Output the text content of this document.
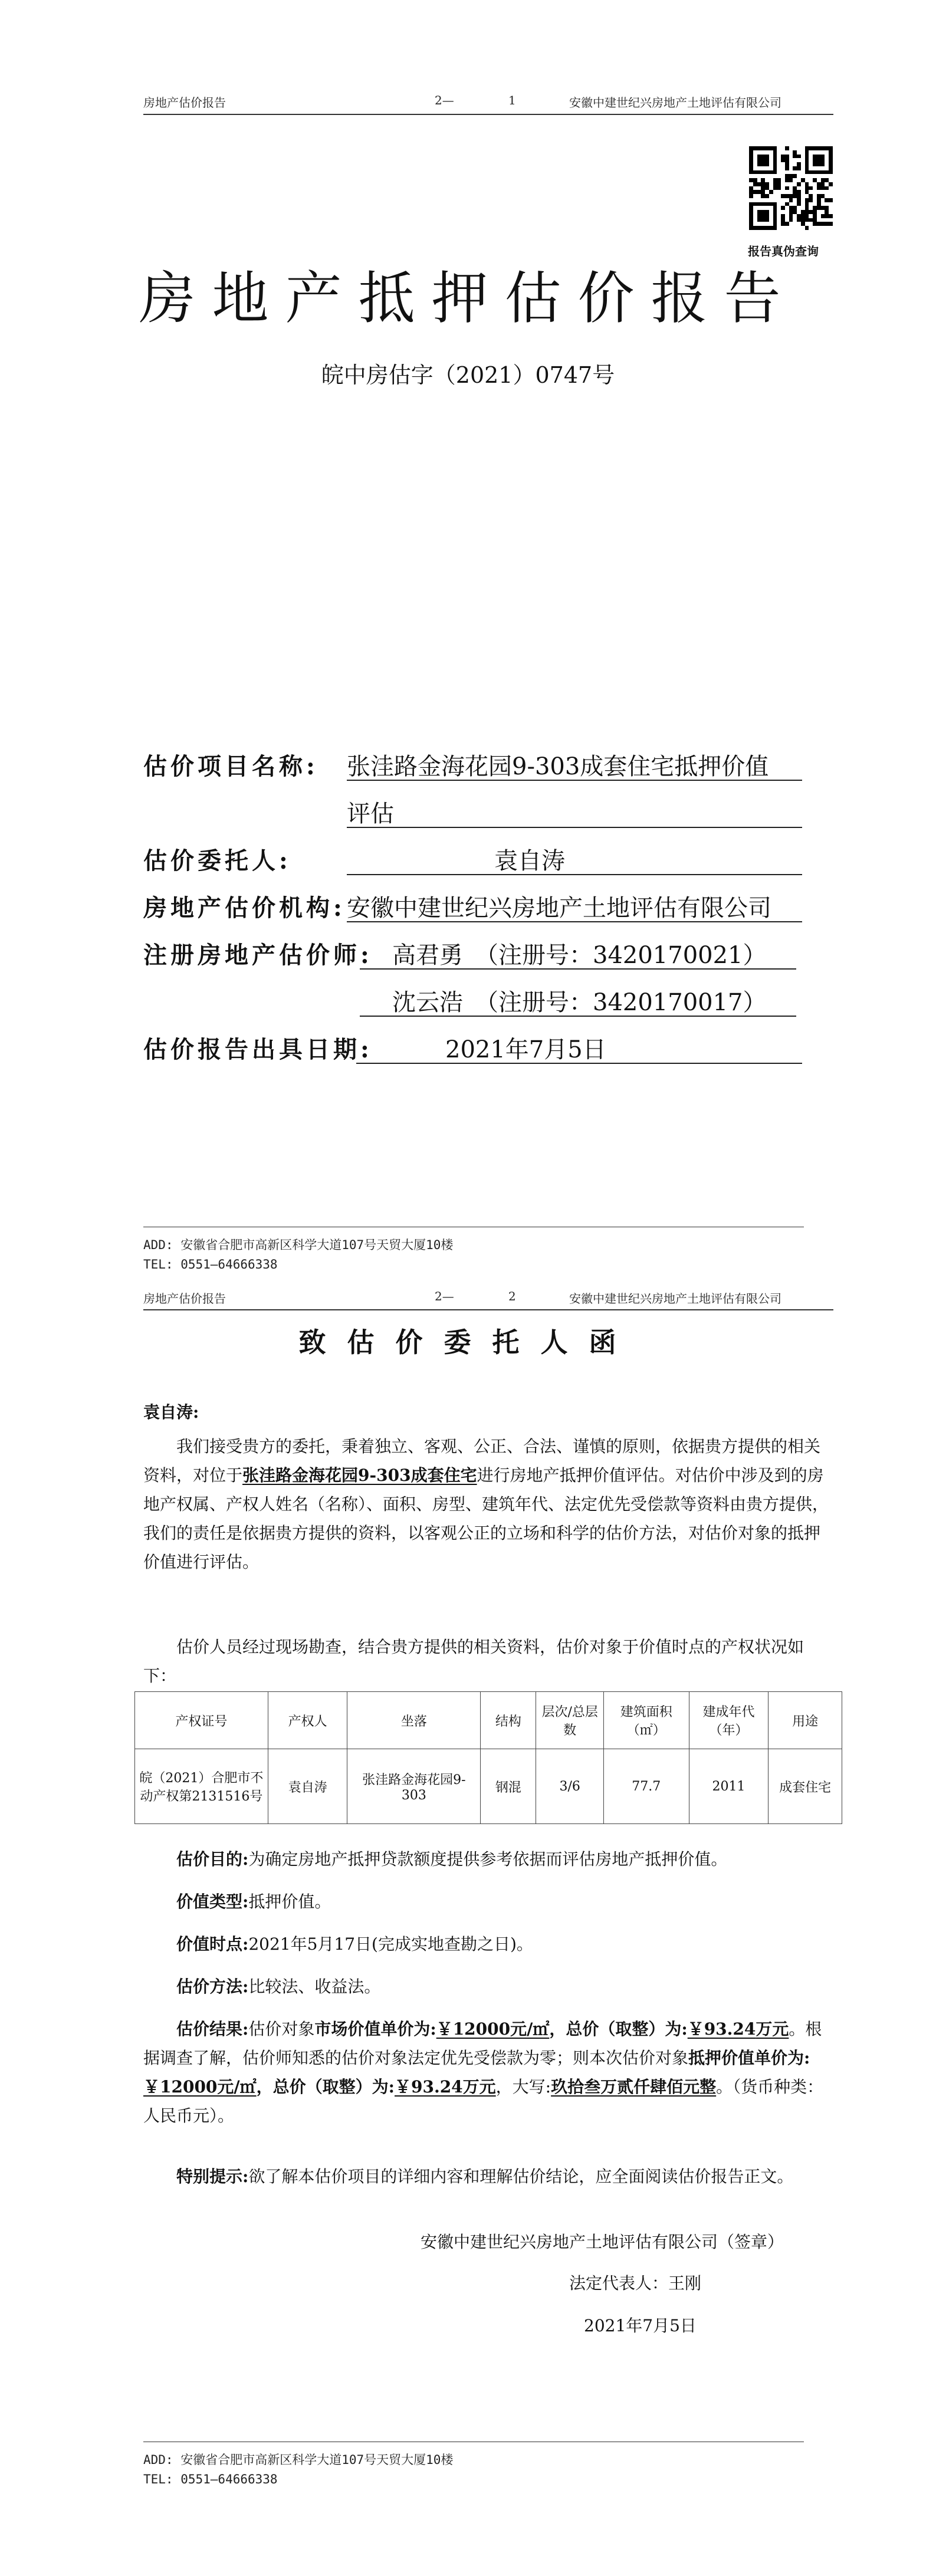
房地产估价报告	2—	1	安徽中建世纪兴房地产土地评估有限公司
报告真伪查询
房地产抵押估价报告
皖中房估字（2021）0747号
估价项目名称: 张洼路金海花园9-303成套住宅抵押价值
评估
估价委托人:	袁自涛
房地产估价机构: 安徽中建世纪兴房地产土地评估有限公司
注册房地产估价师: 高君勇　（注册号：3420170021）
沈云浩　（注册号：3420170017）
估价报告出具日期:	2021年7月5日
ADD: 安徽省合肥市高新区科学大道107号天贸大厦10楼
TEL: 0551—64666338
房地产估价报告	2—	2	安徽中建世纪兴房地产土地评估有限公司
致估价委托人函
袁自涛:
我们接受贵方的委托，秉着独立、客观、公正、合法、谨慎的原则，依据贵方提供的相关资料，对位于张洼路金海花园9-303成套住宅进行房地产抵押价值评估。对估价中涉及到的房地产权属、产权人姓名（名称）、面积、房型、建筑年代、法定优先受偿款等资料由贵方提供，我们的责任是依据贵方提供的资料，以客观公正的立场和科学的估价方法，对估价对象的抵押价值进行评估。
估价人员经过现场勘查，结合贵方提供的相关资料，估价对象于价值时点的产权状况如下：
产权证号	产权人	坐落	结构	层次/总层数	建筑面积（㎡）	建成年代（年）	用途
皖（2021）合肥市不动产权第2131516号	袁自涛	张洼路金海花园9-303	钢混	3/6	77.7	2011	成套住宅
估价目的:为确定房地产抵押贷款额度提供参考依据而评估房地产抵押价值。
价值类型:抵押价值。
价值时点:2021年5月17日(完成实地查勘之日)。
估价方法:比较法、收益法。
估价结果:估价对象市场价值单价为:￥12000元/㎡，总价（取整）为:￥93.24万元。根据调查了解，估价师知悉的估价对象法定优先受偿款为零；则本次估价对象抵押价值单价为:￥12000元/㎡，总价（取整）为:￥93.24万元，大写:玖拾叁万贰仟肆佰元整。（货币种类：人民币元）。
特别提示:欲了解本估价项目的详细内容和理解估价结论，应全面阅读估价报告正文。
安徽中建世纪兴房地产土地评估有限公司（签章）
法定代表人：王刚
2021年7月5日
ADD: 安徽省合肥市高新区科学大道107号天贸大厦10楼
TEL: 0551—64666338
